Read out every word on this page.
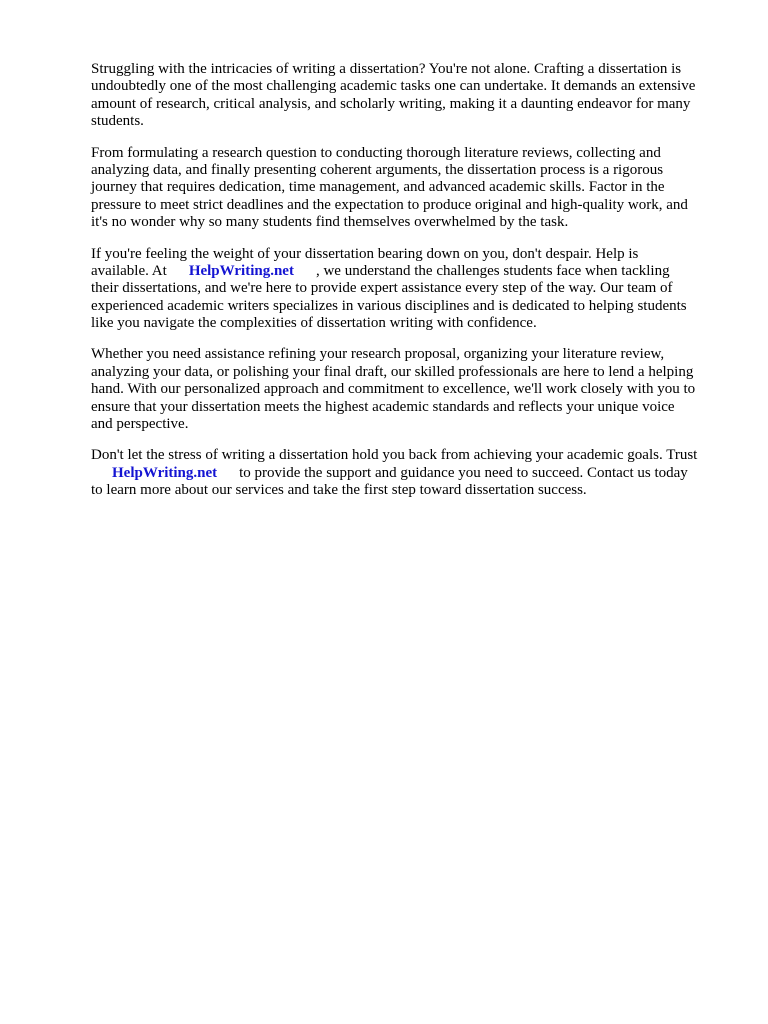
Struggling with the intricacies of writing a dissertation? You're not alone. Crafting a dissertation is
undoubtedly one of the most challenging academic tasks one can undertake. It demands an extensive
amount of research, critical analysis, and scholarly writing, making it a daunting endeavor for many
students.
From formulating a research question to conducting thorough literature reviews, collecting and
analyzing data, and finally presenting coherent arguments, the dissertation process is a rigorous
journey that requires dedication, time management, and advanced academic skills. Factor in the
pressure to meet strict deadlines and the expectation to produce original and high-quality work, and
it's no wonder why so many students find themselves overwhelmed by the task.
If you're feeling the weight of your dissertation bearing down on you, don't despair. Help is
available. At HelpWriting.net , we understand the challenges students face when tackling
their dissertations, and we're here to provide expert assistance every step of the way. Our team of
experienced academic writers specializes in various disciplines and is dedicated to helping students
like you navigate the complexities of dissertation writing with confidence.
Whether you need assistance refining your research proposal, organizing your literature review,
analyzing your data, or polishing your final draft, our skilled professionals are here to lend a helping
hand. With our personalized approach and commitment to excellence, we'll work closely with you to
ensure that your dissertation meets the highest academic standards and reflects your unique voice
and perspective.
Don't let the stress of writing a dissertation hold you back from achieving your academic goals. Trust
HelpWriting.net to provide the support and guidance you need to succeed. Contact us today
to learn more about our services and take the first step toward dissertation success.
